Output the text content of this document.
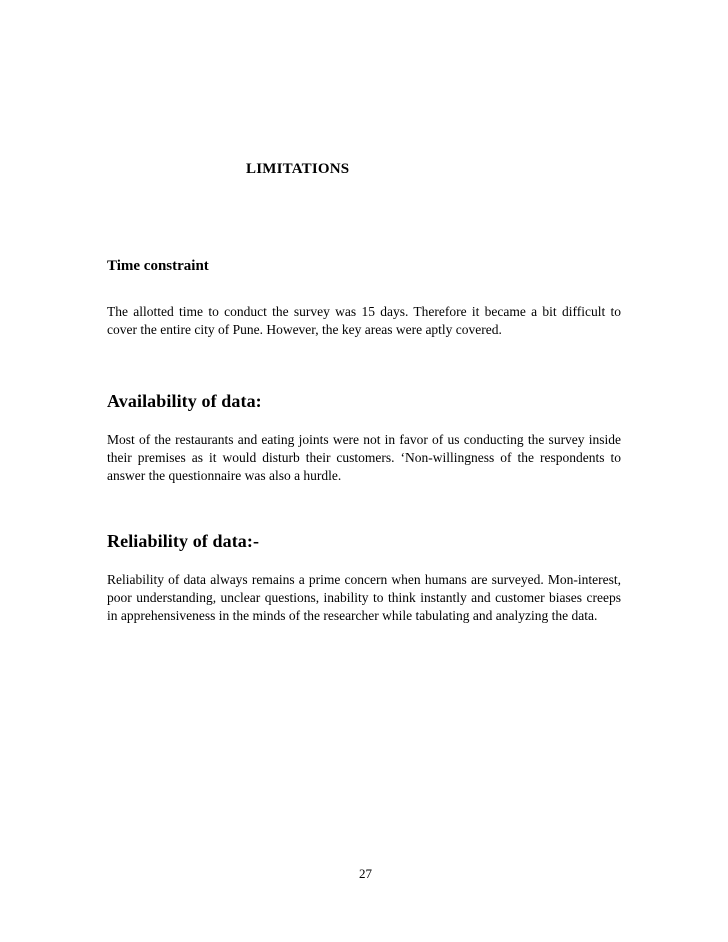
LIMITATIONS
Time constraint

The allotted time to conduct the survey was 15 days. Therefore it became a bit difficult to cover the entire city of Pune. However, the key areas were aptly covered.

Availability of data:

Most of the restaurants and eating joints were not in favor of us conducting the survey inside their premises as it would disturb their customers. ‘Non-willingness of the respondents to answer the questionnaire was also a hurdle.

Reliability of data:-

Reliability of data always remains a prime concern when humans are surveyed. Mon-interest, poor understanding, unclear questions, inability to think instantly and customer biases creeps in apprehensiveness in the minds of the researcher while tabulating and analyzing the data.

27
